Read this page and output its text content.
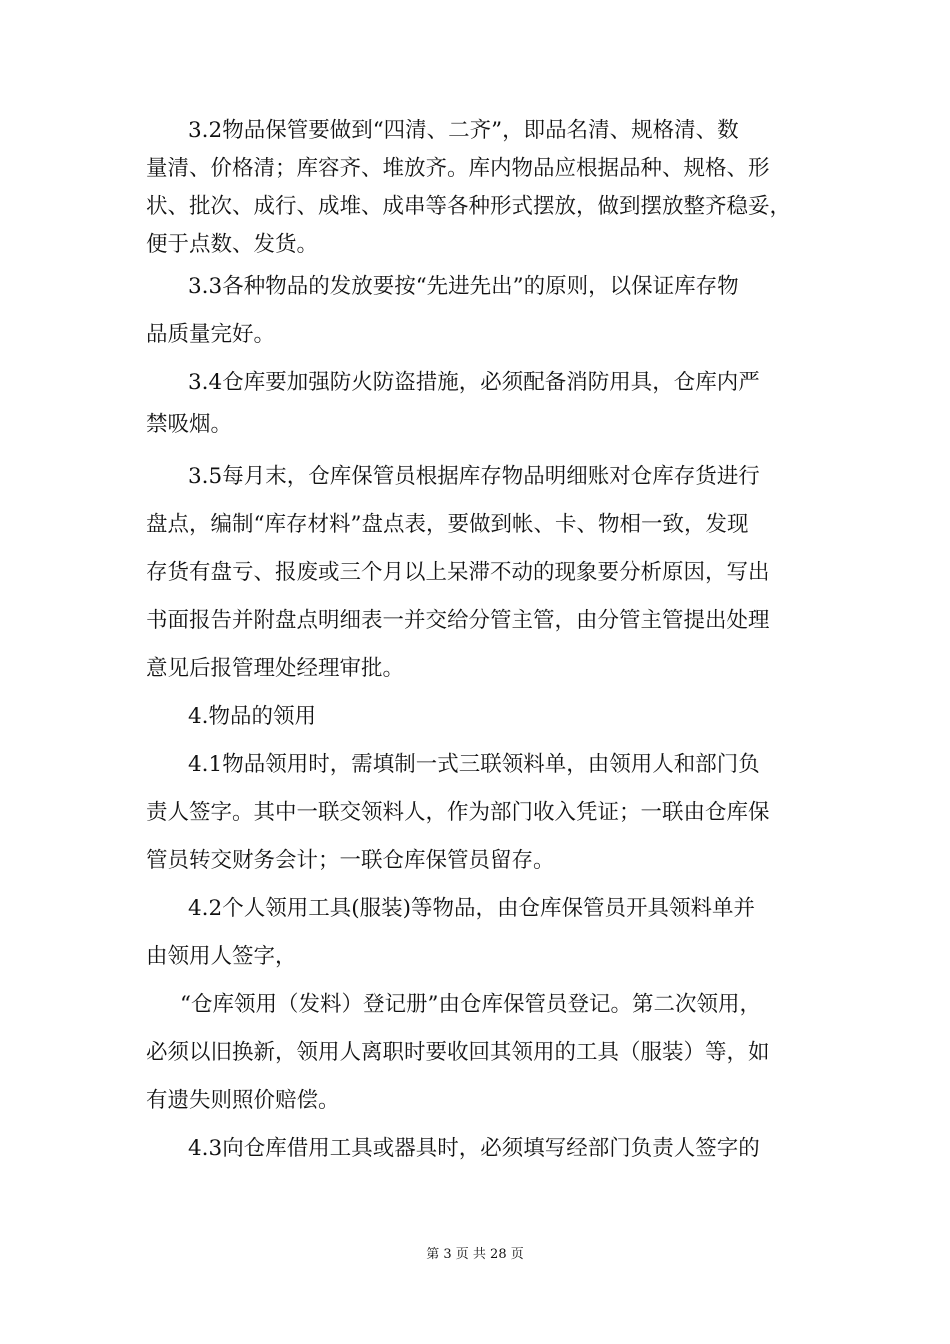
3.2物品保管要做到“四清、二齐”，即品名清、规格清、数
量清、价格清；库容齐、堆放齐。库内物品应根据品种、规格、形
状、批次、成行、成堆、成串等各种形式摆放，做到摆放整齐稳妥，
便于点数、发货。
3.3各种物品的发放要按“先进先出”的原则，以保证库存物
品质量完好。
3.4仓库要加强防火防盗措施，必须配备消防用具，仓库内严
禁吸烟。
3.5每月末，仓库保管员根据库存物品明细账对仓库存货进行
盘点，编制“库存材料”盘点表，要做到帐、卡、物相一致，发现
存货有盘亏、报废或三个月以上呆滞不动的现象要分析原因，写出
书面报告并附盘点明细表一并交给分管主管，由分管主管提出处理
意见后报管理处经理审批。
4.物品的领用
4.1物品领用时，需填制一式三联领料单，由领用人和部门负
责人签字。其中一联交领料人，作为部门收入凭证；一联由仓库保
管员转交财务会计；一联仓库保管员留存。
4.2个人领用工具(服装)等物品，由仓库保管员开具领料单并
由领用人签字，
“仓库领用（发料）登记册”由仓库保管员登记。第二次领用，
必须以旧换新，领用人离职时要收回其领用的工具（服装）等，如
有遗失则照价赔偿。
4.3向仓库借用工具或器具时，必须填写经部门负责人签字的
第 3 页 共 28 页
